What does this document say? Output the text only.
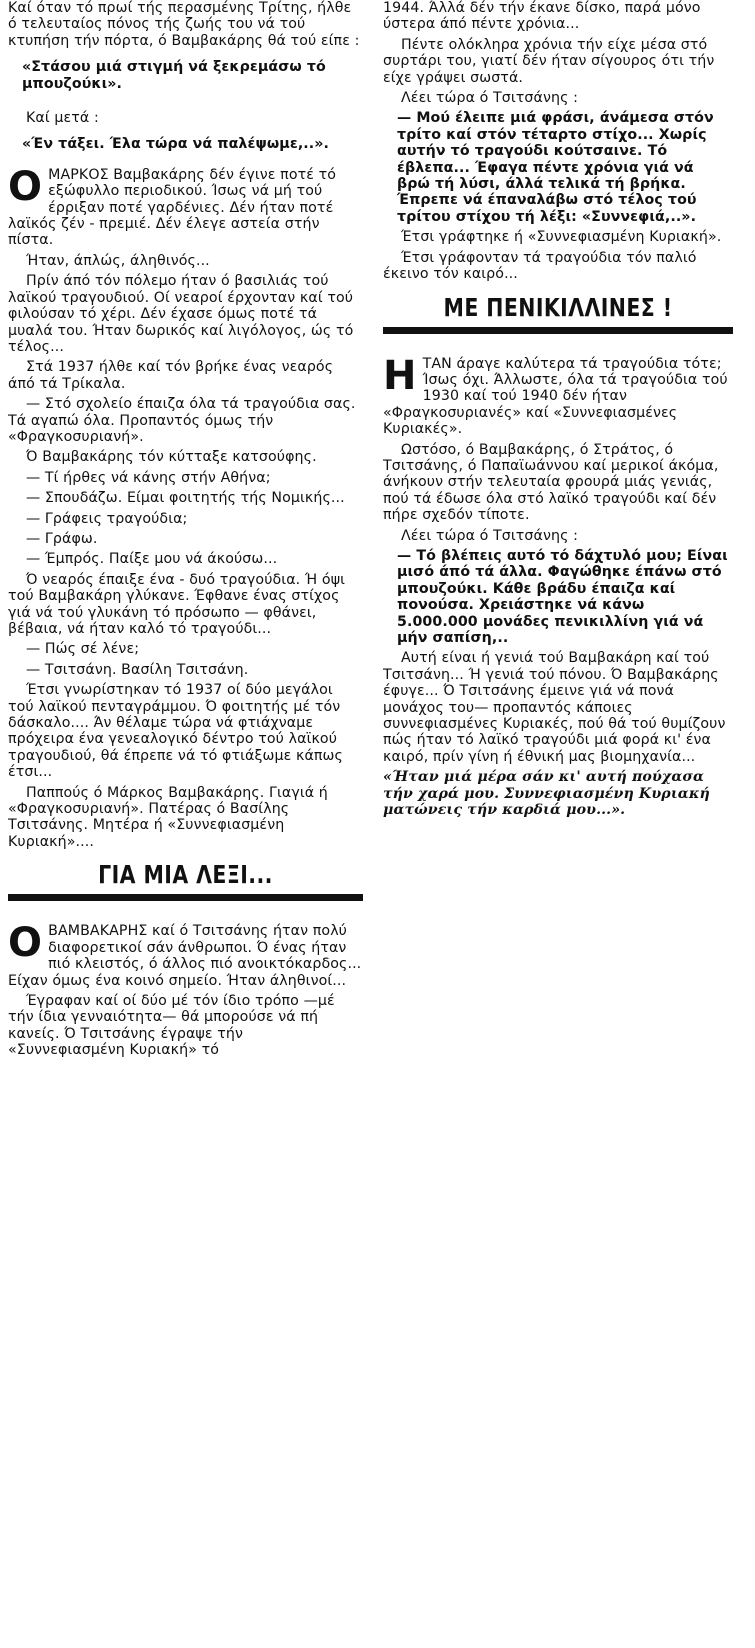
Καί όταν τό πρωί τής περασμένης Τρίτης, ήλθε ό τελευταίος πόνος τής ζωής του νά τού κτυπήση τήν πόρτα, ό Βαμβακάρης θά τού είπε :

«Στάσου μιά στιγμή νά ξεκρεμάσω τό μπουζούκι».

Καί μετά :

«Έν τάξει. Έλα τώρα νά παλέψωμε,..».

Ο ΜΑΡΚΟΣ Βαμβακάρης δέν έγινε ποτέ τό εξώφυλλο περιοδικού. Ίσως νά μή τού έρριξαν ποτέ γαρδένιες. Δέν ήταν ποτέ λαϊκός ζέν - πρεμιέ. Δέν έλεγε αστεία στήν πίστα.

Ήταν, άπλώς, άληθινός...

Πρίν άπό τόν πόλεμο ήταν ό βασιλιάς τού λαϊκού τραγουδιού. Οί νεαροί έρχονταν καί τού φιλούσαν τό χέρι. Δέν έχασε όμως ποτέ τά μυαλά του. Ήταν δωρικός καί λιγόλογος, ώς τό τέλος...

Στά 1937 ήλθε καί τόν βρήκε ένας νεαρός άπό τά Τρίκαλα.

— Στό σχολείο έπαιζα όλα τά τραγούδια σας. Τά αγαπώ όλα. Προπαντός όμως τήν «Φραγκοσυριανή».

Ό Βαμβακάρης τόν κύτταξε κατσούφης.

— Τί ήρθες νά κάνης στήν Αθήνα;

— Σπουδάζω. Είμαι φοιτητής τής Νομικής...

— Γράφεις τραγούδια;

— Γράφω.

— Έμπρός. Παίξε μου νά άκούσω...

Ό νεαρός έπαιξε ένα - δυό τραγούδια. Ή όψι τού Βαμβακάρη γλύκανε. Έφθανε ένας στίχος γιά νά τού γλυκάνη τό πρόσωπο — φθάνει, βέβαια, νά ήταν καλό τό τραγούδι...

— Πώς σέ λένε;

— Τσιτσάνη. Βασίλη Τσιτσάνη.

Έτσι γνωρίστηκαν τό 1937 οί δύο μεγάλοι τού λαϊκού πενταγράμμου. Ό φοιτητής μέ τόν δάσκαλο.... Άν θέλαμε τώρα νά φτιάχναμε πρόχειρα ένα γενεαλογικό δέντρο τού λαϊκού τραγουδιού, θά έπρεπε νά τό φτιάξωμε κάπως έτσι...

Παππούς ό Μάρκος Βαμβακάρης. Γιαγιά ή «Φραγκοσυριανή». Πατέρας ό Βασίλης Τσιτσάνης. Μητέρα ή «Συννεφιασμένη Κυριακή»....

ΓΙΑ ΜΙΑ ΛΕΞΙ...

Ο ΒΑΜΒΑΚΑΡΗΣ καί ό Τσιτσάνης ήταν πολύ διαφορετικοί σάν άνθρωποι. Ό ένας ήταν πιό κλειστός, ό άλλος πιό ανοικτόκαρδος... Είχαν όμως ένα κοινό σημείο. Ήταν άληθινοί...

Έγραφαν καί οί δύο μέ τόν ίδιο τρόπο —μέ τήν ίδια γενναιότητα— θά μπορούσε νά πή κανείς. Ό Τσιτσάνης έγραψε τήν «Συννεφιασμένη Κυριακή» τό

1944. Άλλά δέν τήν έκανε δίσκο, παρά μόνο ύστερα άπό πέντε χρόνια...

Πέντε ολόκληρα χρόνια τήν είχε μέσα στό συρτάρι του, γιατί δέν ήταν σίγουρος ότι τήν είχε γράψει σωστά.

Λέει τώρα ό Τσιτσάνης :

— Μού έλειπε μιά φράσι, άνάμεσα στόν τρίτο καί στόν τέταρτο στίχο... Χωρίς αυτήν τό τραγούδι κούτσαινε. Τό έβλεπα... Έφαγα πέντε χρόνια γιά νά βρώ τή λύσι, άλλά τελικά τή βρήκα. Έπρεπε νά έπαναλάβω στό τέλος τού τρίτου στίχου τή λέξι: «Συννεφιά,..».

Έτσι γράφτηκε ή «Συννεφιασμένη Κυριακή».

Έτσι γράφονταν τά τραγούδια τόν παλιό έκεινο τόν καιρό...

ΜΕ ΠΕΝΙΚΙΛΛΙΝΕΣ !

Η ΤΑΝ άραγε καλύτερα τά τραγούδια τότε; Ίσως όχι. Άλλωστε, όλα τά τραγούδια τού 1930 καί τού 1940 δέν ήταν «Φραγκοσυριανές» καί «Συννεφιασμένες Κυριακές».

Ωστόσο, ό Βαμβακάρης, ό Στράτος, ό Τσιτσάνης, ό Παπαϊωάννου καί μερικοί άκόμα, άνήκουν στήν τελευταία φρουρά μιάς γενιάς, πού τά έδωσε όλα στό λαϊκό τραγούδι καί δέν πήρε σχεδόν τίποτε.

Λέει τώρα ό Τσιτσάνης :

— Τό βλέπεις αυτό τό δάχτυλό μου; Είναι μισό άπό τά άλλα. Φαγώθηκε έπάνω στό μπουζούκι. Κάθε βράδυ έπαιζα καί πονούσα. Χρειάστηκε νά κάνω 5.000.000 μονάδες πενικιλλίνη γιά νά μήν σαπίση,..

Αυτή είναι ή γενιά τού Βαμβακάρη καί τού Τσιτσάνη... Ή γενιά τού πόνου. Ό Βαμβακάρης έφυγε... Ό Τσιτσάνης έμεινε γιά νά πονά μονάχος του— προπαντός κάποιες συννεφιασμένες Κυριακές, πού θά τού θυμίζουν πώς ήταν τό λαϊκό τραγούδι μιά φορά κι' ένα καιρό, πρίν γίνη ή έθνική μας βιομηχανία...

«Ήταν μιά μέρα σάν κι' αυτή πούχασα τήν χαρά μου. Συννεφιασμένη Κυριακή ματώνεις τήν καρδιά μου...».
